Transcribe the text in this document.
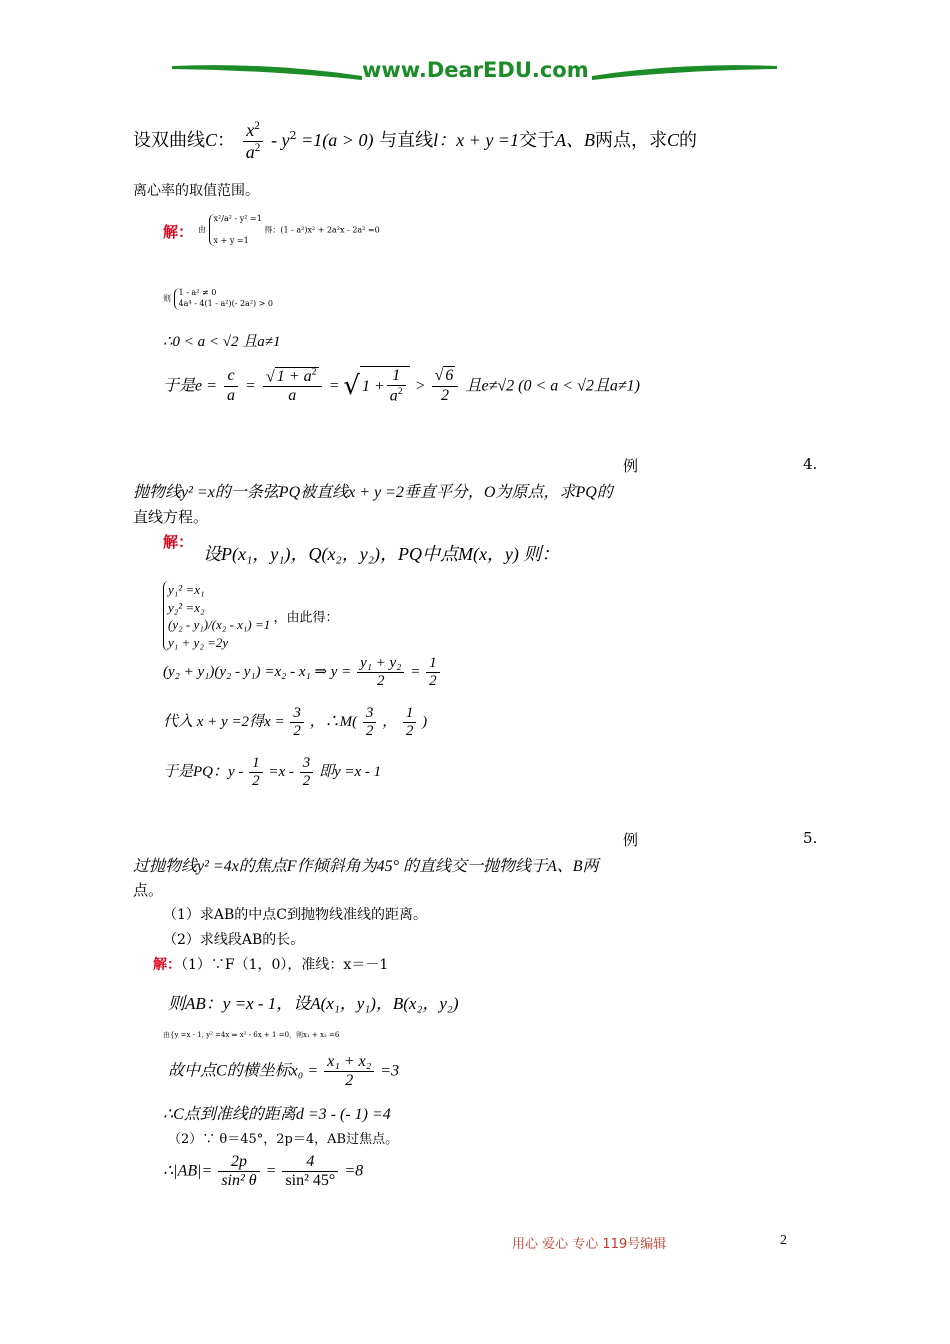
www.DearEDU.com
设双曲线C： $\frac{x^2}{a^2} - y^2 =1(a > 0)$ 与直线l：x + y =1交于A、B两点，求C的
离心率的取值范围。
解： 由
x²/a² - y² =1

x + y =1
得：(1 - a²)x² + 2a²x - 2a² =0
则
1 - a² ≠ 0
4a⁴ - 4(1 - a²)(- 2a²) > 0
∴0 < a < √2 且a≠1
于是$e = \frac{c}{a} = \frac{√ 1 + a^2}{a}$ = √ $1 + \frac{1}{a^2} > \frac{√ 6}{2}$ 且e≠√2 (0 < a < √2且a≠1)
例	4.
抛物线y² =x的一条弦PQ被直线x + y =2垂直平分，O为原点，求PQ的
直线方程。
解：
设P(x₁，y₁)，Q(x₂，y₂)，PQ中点M(x，y) 则：
y₁² =x₁
y₂² =x₂
(y₂ - y₁)/(x₂ - x₁) =1
y₁ + y₂ =2y
，由此得：
(y₂ + y₁)(y₂ - y₁) =x₂ - x₁ ⇒ $y = \frac{\text{y₁ + y₂}}{2} = \frac{1}{2}$
代入 x + y =2得$x = \frac{3}{2}$ ，∴M( $\frac{3}{2}$ ， $\frac{1}{2}$ )
于是PQ：$y - \frac{1}{2} =x - \frac{3}{2}$ 即y =x - 1
例	5.
过抛物线y² =4x的焦点F作倾斜角为45° 的直线交一抛物线于A、B两
点。
（1）求AB的中点C到抛物线准线的距离。
（2）求线段AB的长。
解：（1）∵F（1，0），准线：x＝－1
则AB：y =x - 1，设A(x₁，y₁)，B(x₂，y₂)
由{y =x - 1, y² =4x ⇒ x² - 6x + 1 =0，则x₁ + x₂ =6
故中点C的横坐标$x_0 = \frac{\text{x₁ + x₂}}{2} =3$
∴C点到准线的距离d =3 - (- 1) =4
（2）∵ θ＝45°，2p＝4，AB过焦点。
∴|AB|= $\frac{2p}{\text{sin² θ}} = \frac{4}{\text{sin² 45°}} =8$
用心 爱心 专心 119号编辑	2
